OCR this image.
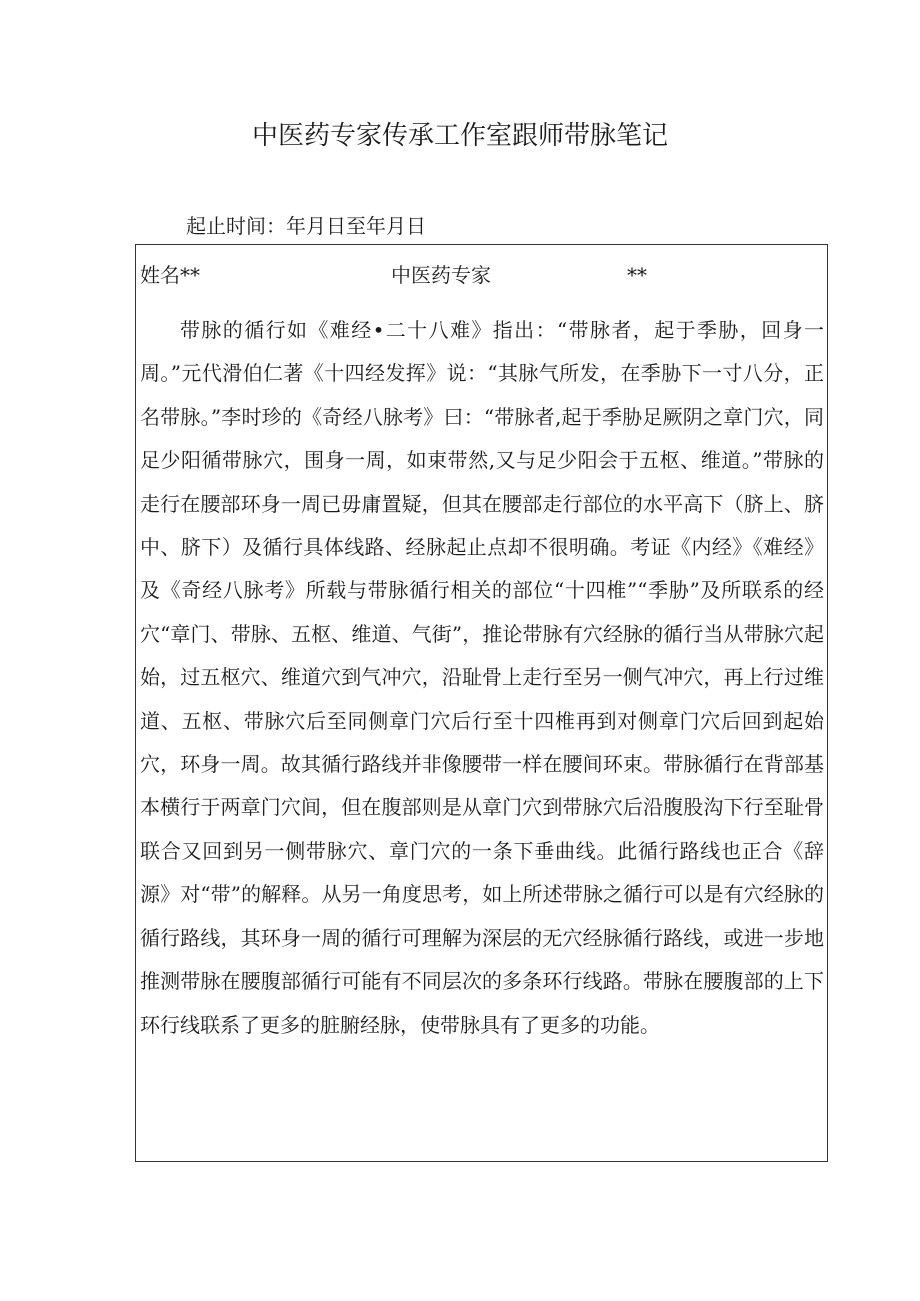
中医药专家传承工作室跟师带脉笔记
起止时间：年月日至年月日
姓名**	中医药专家	**

带脉的循行如《难经•二十八难》指出：“带脉者，起于季胁，回身一周。”元代滑伯仁著《十四经发挥》说：“其脉气所发，在季胁下一寸八分，正名带脉。”李时珍的《奇经八脉考》曰：“带脉者,起于季胁足厥阴之章门穴，同足少阳循带脉穴，围身一周，如束带然,又与足少阳会于五枢、维道。”带脉的走行在腰部环身一周已毋庸置疑，但其在腰部走行部位的水平高下（脐上、脐中、脐下）及循行具体线路、经脉起止点却不很明确。考证《内经》《难经》及《奇经八脉考》所载与带脉循行相关的部位“十四椎”“季胁”及所联系的经穴“章门、带脉、五枢、维道、气街”，推论带脉有穴经脉的循行当从带脉穴起始，过五枢穴、维道穴到气冲穴，沿耻骨上走行至另一侧气冲穴，再上行过维道、五枢、带脉穴后至同侧章门穴后行至十四椎再到对侧章门穴后回到起始穴，环身一周。故其循行路线并非像腰带一样在腰间环束。带脉循行在背部基本横行于两章门穴间，但在腹部则是从章门穴到带脉穴后沿腹股沟下行至耻骨联合又回到另一侧带脉穴、章门穴的一条下垂曲线。此循行路线也正合《辞源》对“带”的解释。从另一角度思考，如上所述带脉之循行可以是有穴经脉的循行路线，其环身一周的循行可理解为深层的无穴经脉循行路线，或进一步地推测带脉在腰腹部循行可能有不同层次的多条环行线路。带脉在腰腹部的上下环行线联系了更多的脏腑经脉，使带脉具有了更多的功能。
